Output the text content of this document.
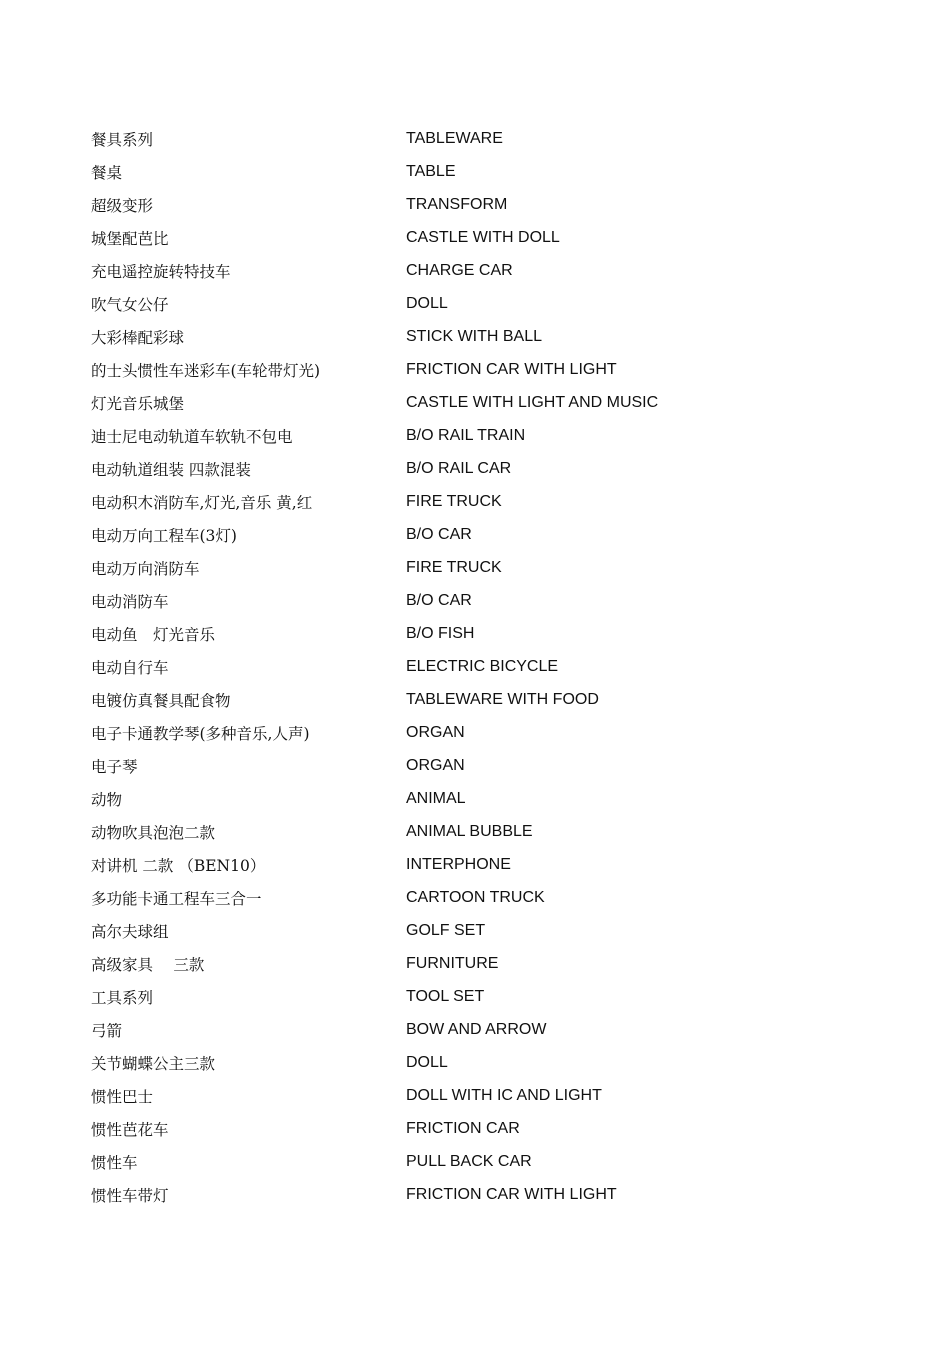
餐具系列	TABLEWARE
餐桌	TABLE
超级变形	TRANSFORM
城堡配芭比	CASTLE WITH DOLL
充电遥控旋转特技车	CHARGE CAR
吹气女公仔	DOLL
大彩棒配彩球	STICK WITH BALL
的士头惯性车迷彩车(车轮带灯光)	FRICTION CAR WITH LIGHT
灯光音乐城堡	CASTLE WITH LIGHT AND MUSIC
迪士尼电动轨道车软轨不包电	B/O RAIL TRAIN
电动轨道组装 四款混装	B/O RAIL CAR
电动积木消防车,灯光,音乐 黄,红	FIRE TRUCK
电动万向工程车(3灯)	B/O CAR
电动万向消防车	FIRE TRUCK
电动消防车	B/O CAR
电动鱼　灯光音乐	B/O FISH
电动自行车	ELECTRIC BICYCLE
电镀仿真餐具配食物	TABLEWARE WITH FOOD
电子卡通教学琴(多种音乐,人声)	ORGAN
电子琴	ORGAN
动物	ANIMAL
动物吹具泡泡二款	ANIMAL BUBBLE
对讲机 二款 （BEN10）	INTERPHONE
多功能卡通工程车三合一	CARTOON TRUCK
高尔夫球组	GOLF SET
高级家具　 三款	FURNITURE
工具系列	TOOL SET
弓箭	BOW AND ARROW
关节蝴蝶公主三款	DOLL
惯性巴士	DOLL WITH IC AND LIGHT
惯性芭花车	FRICTION CAR
惯性车	PULL BACK CAR
惯性车带灯	FRICTION CAR WITH LIGHT
